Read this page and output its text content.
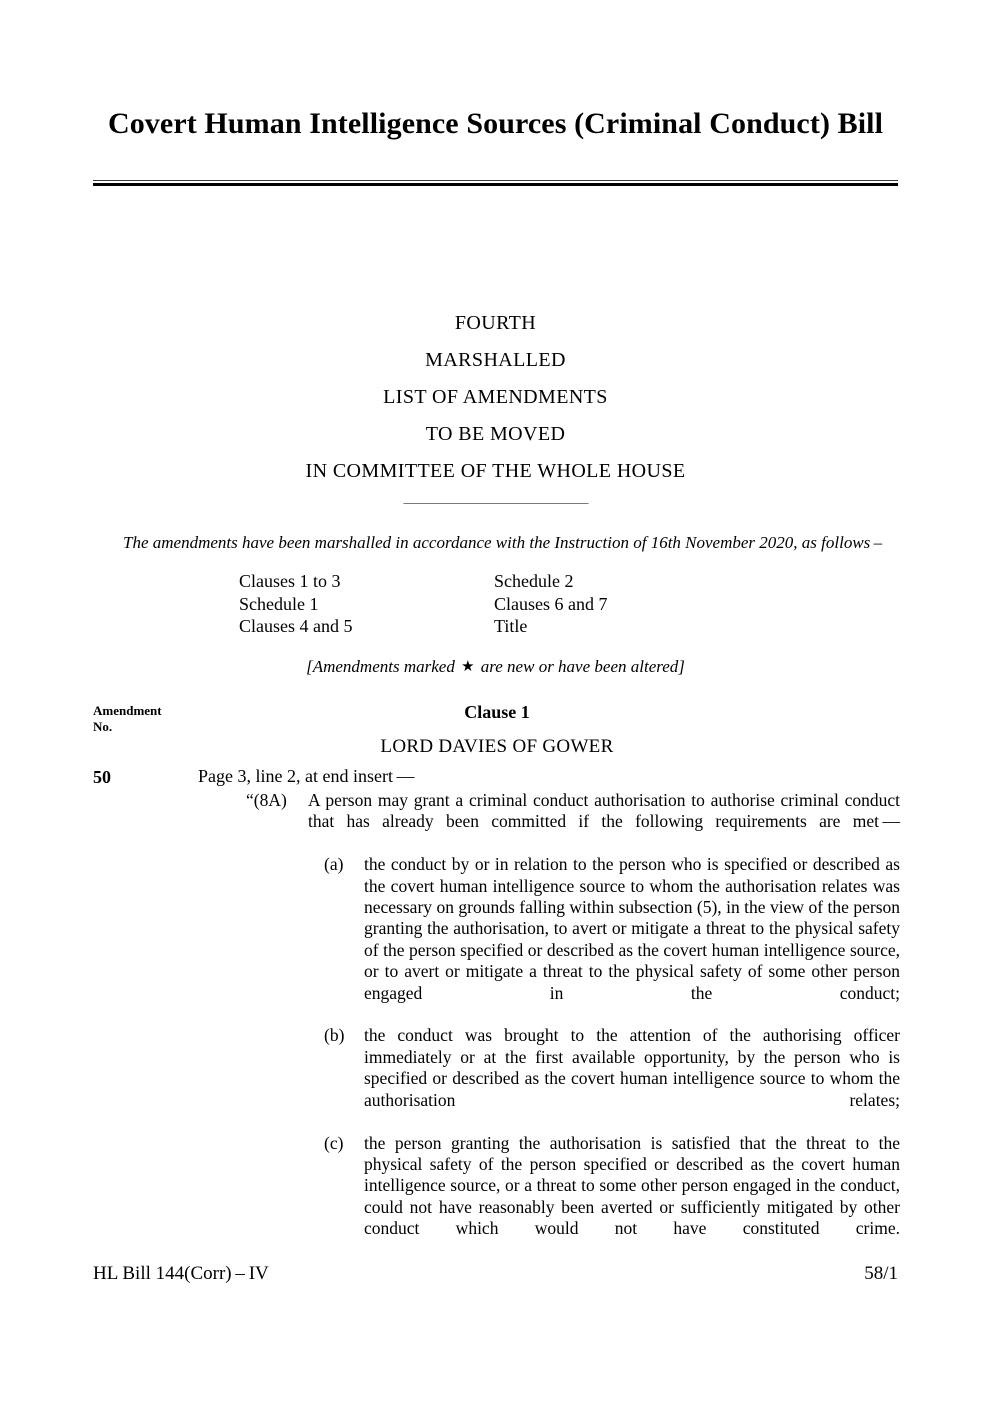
Covert Human Intelligence Sources (Criminal Conduct) Bill
FOURTH
MARSHALLED
LIST OF AMENDMENTS
TO BE MOVED
IN COMMITTEE OF THE WHOLE HOUSE
The amendments have been marshalled in accordance with the Instruction of 16th November 2020, as follows –
Clauses 1 to 3
Schedule 1
Clauses 4 and 5
Schedule 2
Clauses 6 and 7
Title
[Amendments marked ★ are new or have been altered]
Amendment
No.
Clause 1
LORD DAVIES OF GOWER
50	Page 3, line 2, at end insert —
“(8A)	A person may grant a criminal conduct authorisation to authorise criminal conduct that has already been committed if the following requirements are met —
(a)	the conduct by or in relation to the person who is specified or described as the covert human intelligence source to whom the authorisation relates was necessary on grounds falling within subsection (5), in the view of the person granting the authorisation, to avert or mitigate a threat to the physical safety of the person specified or described as the covert human intelligence source, or to avert or mitigate a threat to the physical safety of some other person engaged in the conduct;
(b)	the conduct was brought to the attention of the authorising officer immediately or at the first available opportunity, by the person who is specified or described as the covert human intelligence source to whom the authorisation relates;
(c)	the person granting the authorisation is satisfied that the threat to the physical safety of the person specified or described as the covert human intelligence source, or a threat to some other person engaged in the conduct, could not have reasonably been averted or sufficiently mitigated by other conduct which would not have constituted crime.
HL Bill 144(Corr) – IV	58/1
